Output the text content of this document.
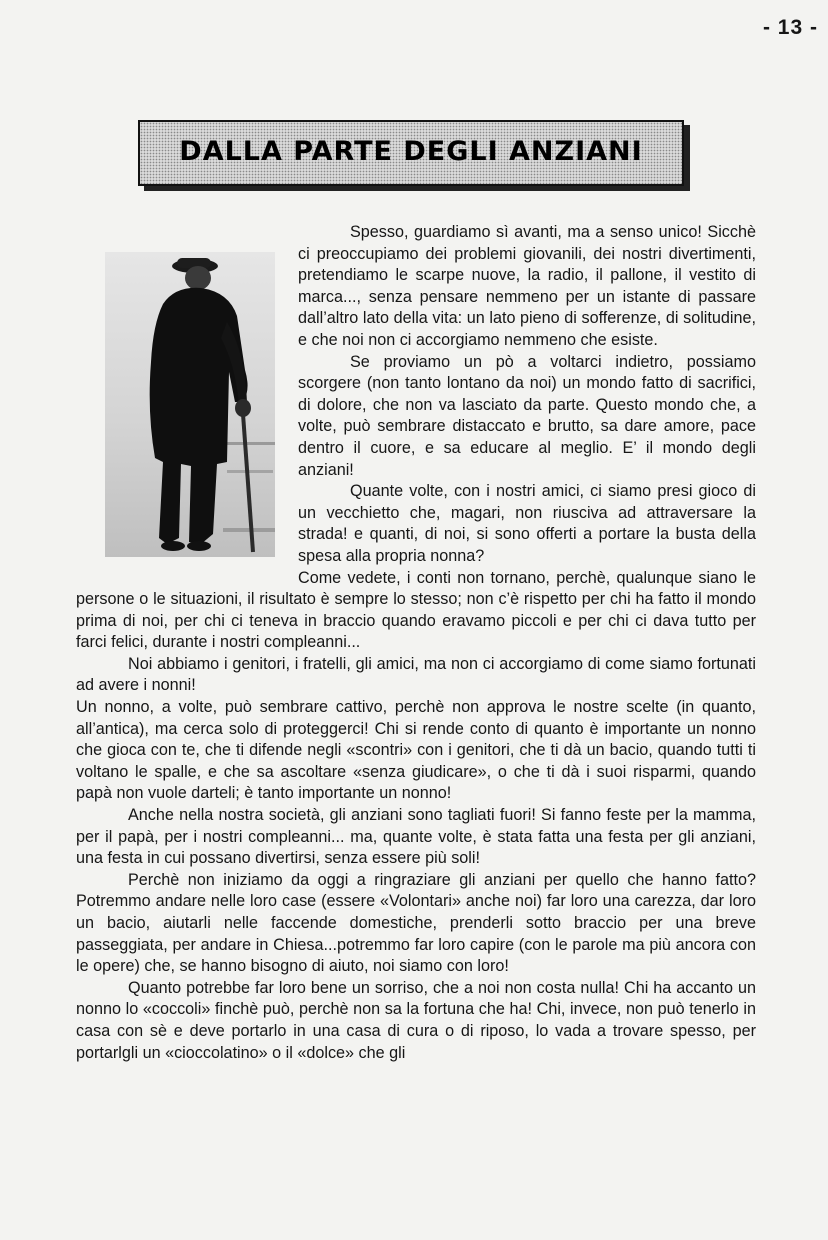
- 13 -
DALLA PARTE DEGLI ANZIANI

Spesso, guardiamo sì avanti, ma a senso unico! Sicchè ci preoccupiamo dei problemi giovanili, dei nostri divertimenti, pretendiamo le scarpe nuove, la radio, il pallone, il vestito di marca..., senza pensare nemmeno per un istante di passare dall’altro lato della vita: un lato pieno di sofferenze, di solitudine, e che noi non ci accorgiamo nemmeno che esiste.

Se proviamo un pò a voltarci indietro, possiamo scorgere (non tanto lontano da noi) un mondo fatto di sacrifici, di dolore, che non va lasciato da parte. Questo mondo che, a volte, può sembrare distaccato e brutto, sa dare amore, pace dentro il cuore, e sa educare al meglio. E’ il mondo degli anziani!

Quante volte, con i nostri amici, ci siamo presi gioco di un vecchietto che, magari, non riusciva ad attraversare la strada! e quanti, di noi, si sono offerti a portare la busta della spesa alla propria nonna?

Come vedete, i conti non tornano, perchè, qualunque siano le persone o le situazioni, il risultato è sempre lo stesso; non c’è rispetto per chi ha fatto il mondo prima di noi, per chi ci teneva in braccio quando eravamo piccoli e per chi ci dava tutto per farci felici, durante i nostri compleanni...

Noi abbiamo i genitori, i fratelli, gli amici, ma non ci accorgiamo di come siamo fortunati ad avere i nonni!

Un nonno, a volte, può sembrare cattivo, perchè non approva le nostre scelte (in quanto, all’antica), ma cerca solo di proteggerci! Chi si rende conto di quanto è importante un nonno che gioca con te, che ti difende negli «scontri» con i genitori, che ti dà un bacio, quando tutti ti voltano le spalle, e che sa ascoltare «senza giudicare», o che ti dà i suoi risparmi, quando papà non vuole darteli; è tanto importante un nonno!

Anche nella nostra società, gli anziani sono tagliati fuori! Si fanno feste per la mamma, per il papà, per i nostri compleanni... ma, quante volte, è stata fatta una festa per gli anziani, una festa in cui possano divertirsi, senza essere più soli!

Perchè non iniziamo da oggi a ringraziare gli anziani per quello che hanno fatto? Potremmo andare nelle loro case (essere «Volontari» anche noi) far loro una carezza, dar loro un bacio, aiutarli nelle faccende domestiche, prenderli sotto braccio per una breve passeggiata, per andare in Chiesa...potremmo far loro capire (con le parole ma più ancora con le opere) che, se hanno bisogno di aiuto, noi siamo con loro!

Quanto potrebbe far loro bene un sorriso, che a noi non costa nulla! Chi ha accanto un nonno lo «coccoli» finchè può, perchè non sa la fortuna che ha! Chi, invece, non può tenerlo in casa con sè e deve portarlo in una casa di cura o di riposo, lo vada a trovare spesso, per portarlgli un «cioccolatino» o il «dolce» che gli
